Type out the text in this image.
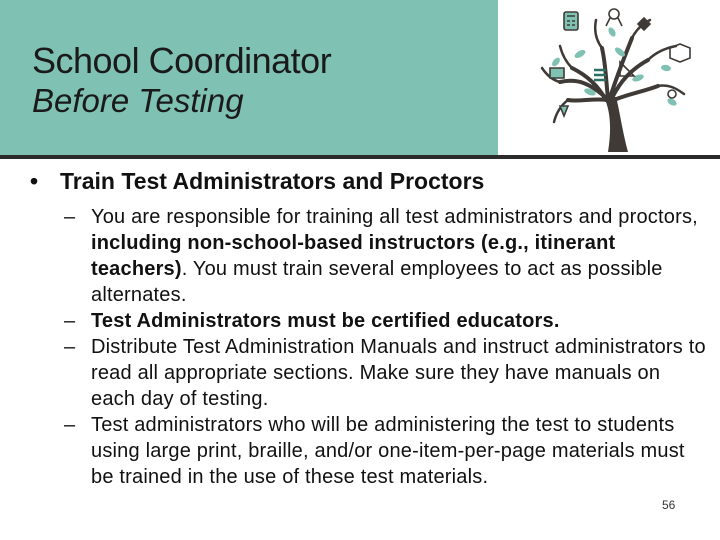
School Coordinator
Before Testing
• Train Test Administrators and Proctors
– You are responsible for training all test administrators and proctors, including non-school-based instructors (e.g., itinerant teachers). You must train several employees to act as possible alternates.
– Test Administrators must be certified educators.
– Distribute Test Administration Manuals and instruct administrators to read all appropriate sections. Make sure they have manuals on each day of testing.
– Test administrators who will be administering the test to students using large print, braille, and/or one-item-per-page materials must be trained in the use of these test materials.
56
